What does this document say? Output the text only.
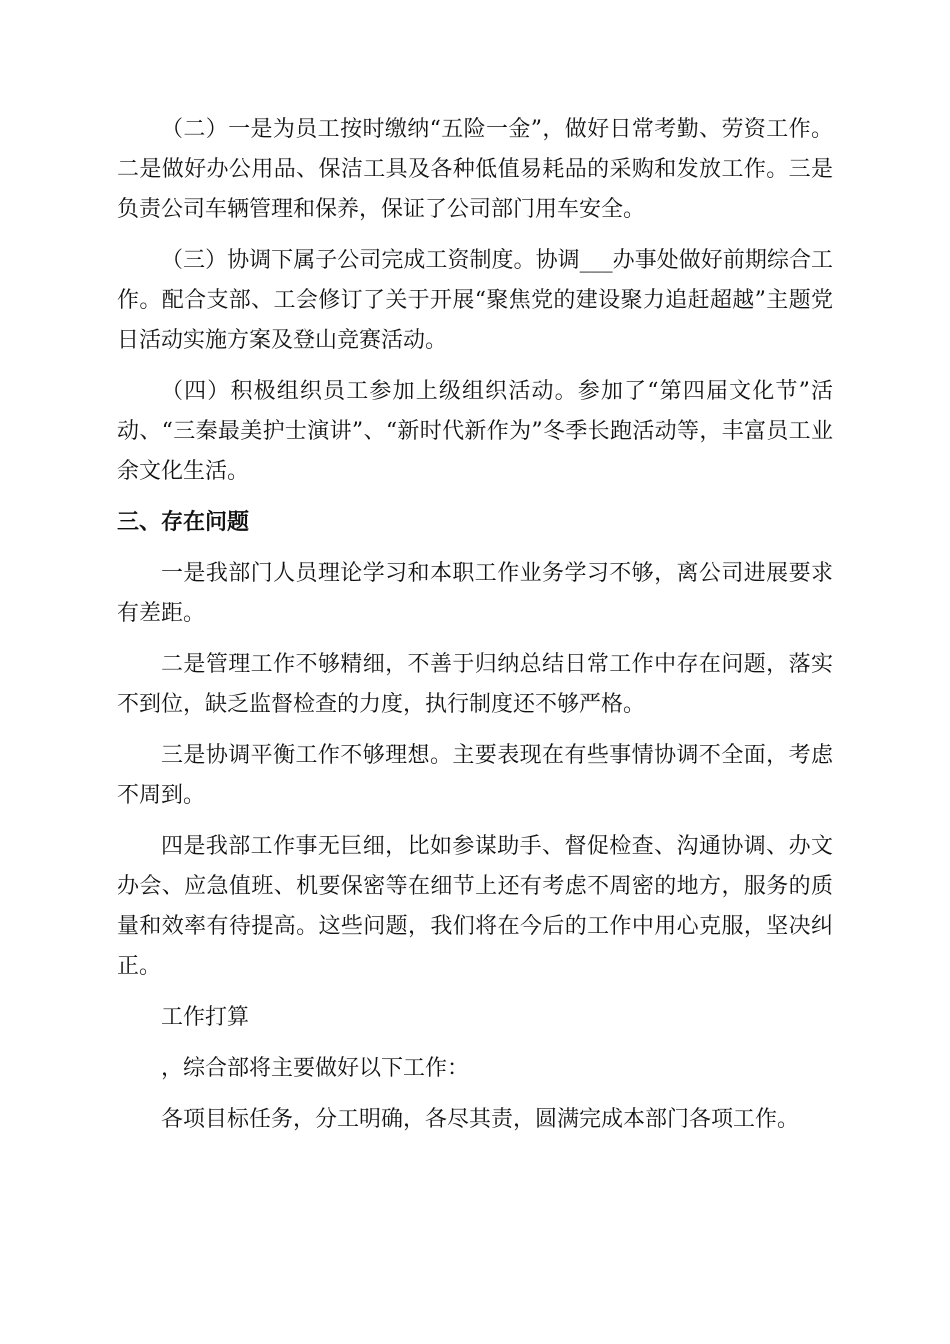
（二）一是为员工按时缴纳“五险一金”，做好日常考勤、劳资工作。二是做好办公用品、保洁工具及各种低值易耗品的采购和发放工作。三是负责公司车辆管理和保养，保证了公司部门用车安全。

（三）协调下属子公司完成工资制度。协调___办事处做好前期综合工作。配合支部、工会修订了关于开展“聚焦党的建设聚力追赶超越”主题党日活动实施方案及登山竞赛活动。

（四）积极组织员工参加上级组织活动。参加了“第四届文化节”活动、“三秦最美护士演讲”、“新时代新作为”冬季长跑活动等，丰富员工业余文化生活。

三、存在问题

一是我部门人员理论学习和本职工作业务学习不够，离公司进展要求有差距。

二是管理工作不够精细，不善于归纳总结日常工作中存在问题，落实不到位，缺乏监督检查的力度，执行制度还不够严格。

三是协调平衡工作不够理想。主要表现在有些事情协调不全面，考虑不周到。

四是我部工作事无巨细，比如参谋助手、督促检查、沟通协调、办文办会、应急值班、机要保密等在细节上还有考虑不周密的地方，服务的质量和效率有待提高。这些问题，我们将在今后的工作中用心克服，坚决纠正。

工作打算

，综合部将主要做好以下工作：

各项目标任务，分工明确，各尽其责，圆满完成本部门各项工作。
